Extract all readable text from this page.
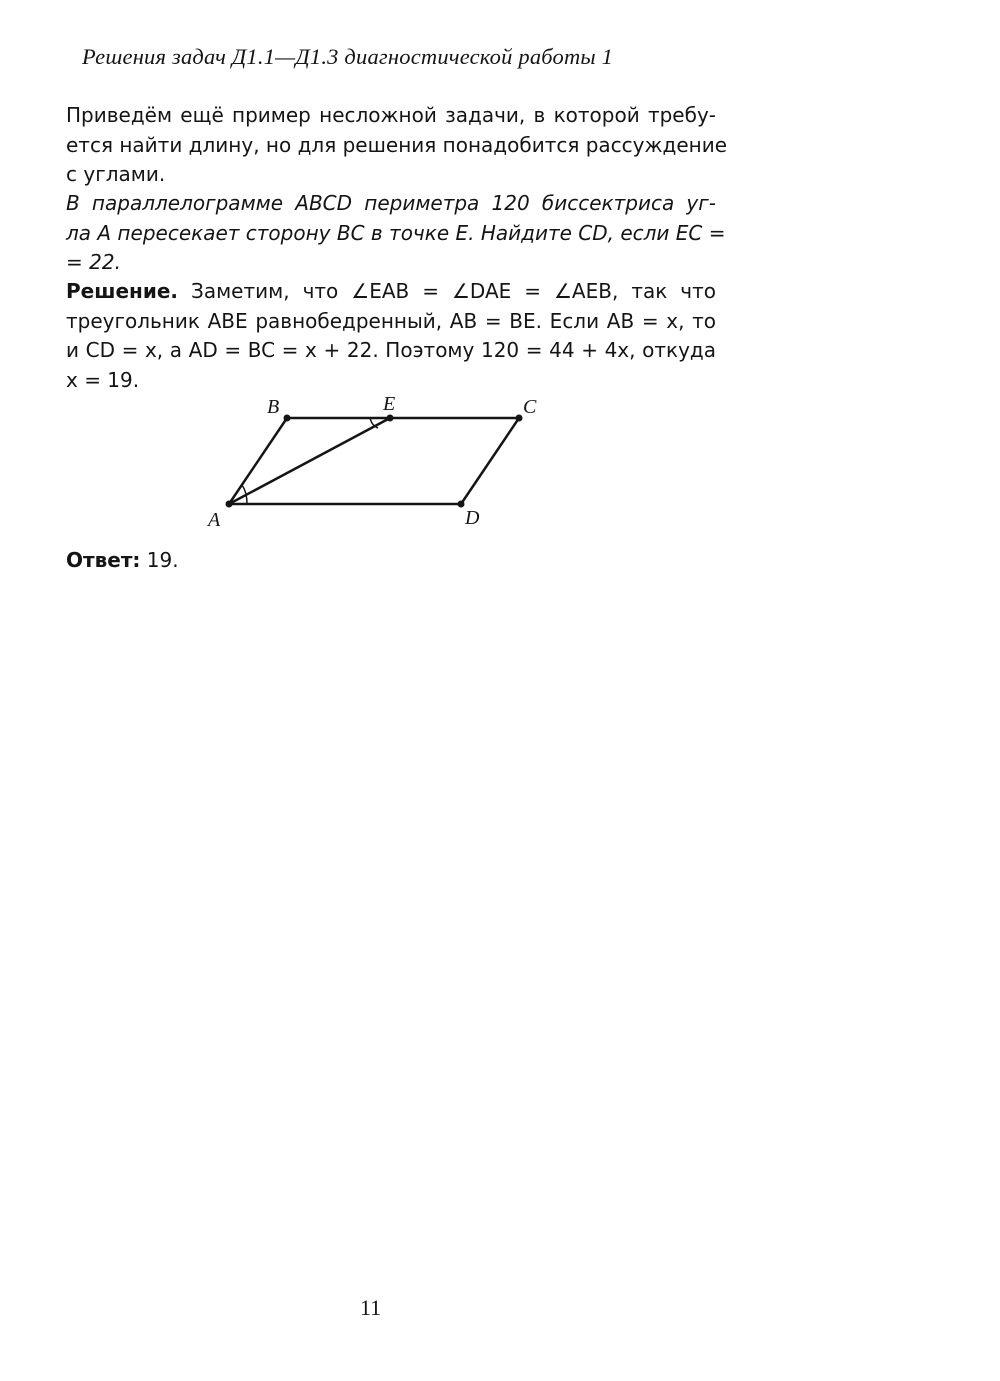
Решения задач Д1.1—Д1.3 диагностической работы 1
Приведём ещё пример несложной задачи, в которой требу-
ется найти длину, но для решения понадобится рассуждение
с углами.
В параллелограмме ABCD периметра 120 биссектриса уг-
ла A пересекает сторону BC в точке E. Найдите CD, если EC =
= 22.
Решение. Заметим, что ∠EAB = ∠DAE = ∠AEB, так что
треугольник ABE равнобедренный, AB = BE. Если AB = x, то
и CD = x, а AD = BC = x + 22. Поэтому 120 = 44 + 4x, откуда
x = 19.
A
B	E	C
D
Ответ: 19.
11
